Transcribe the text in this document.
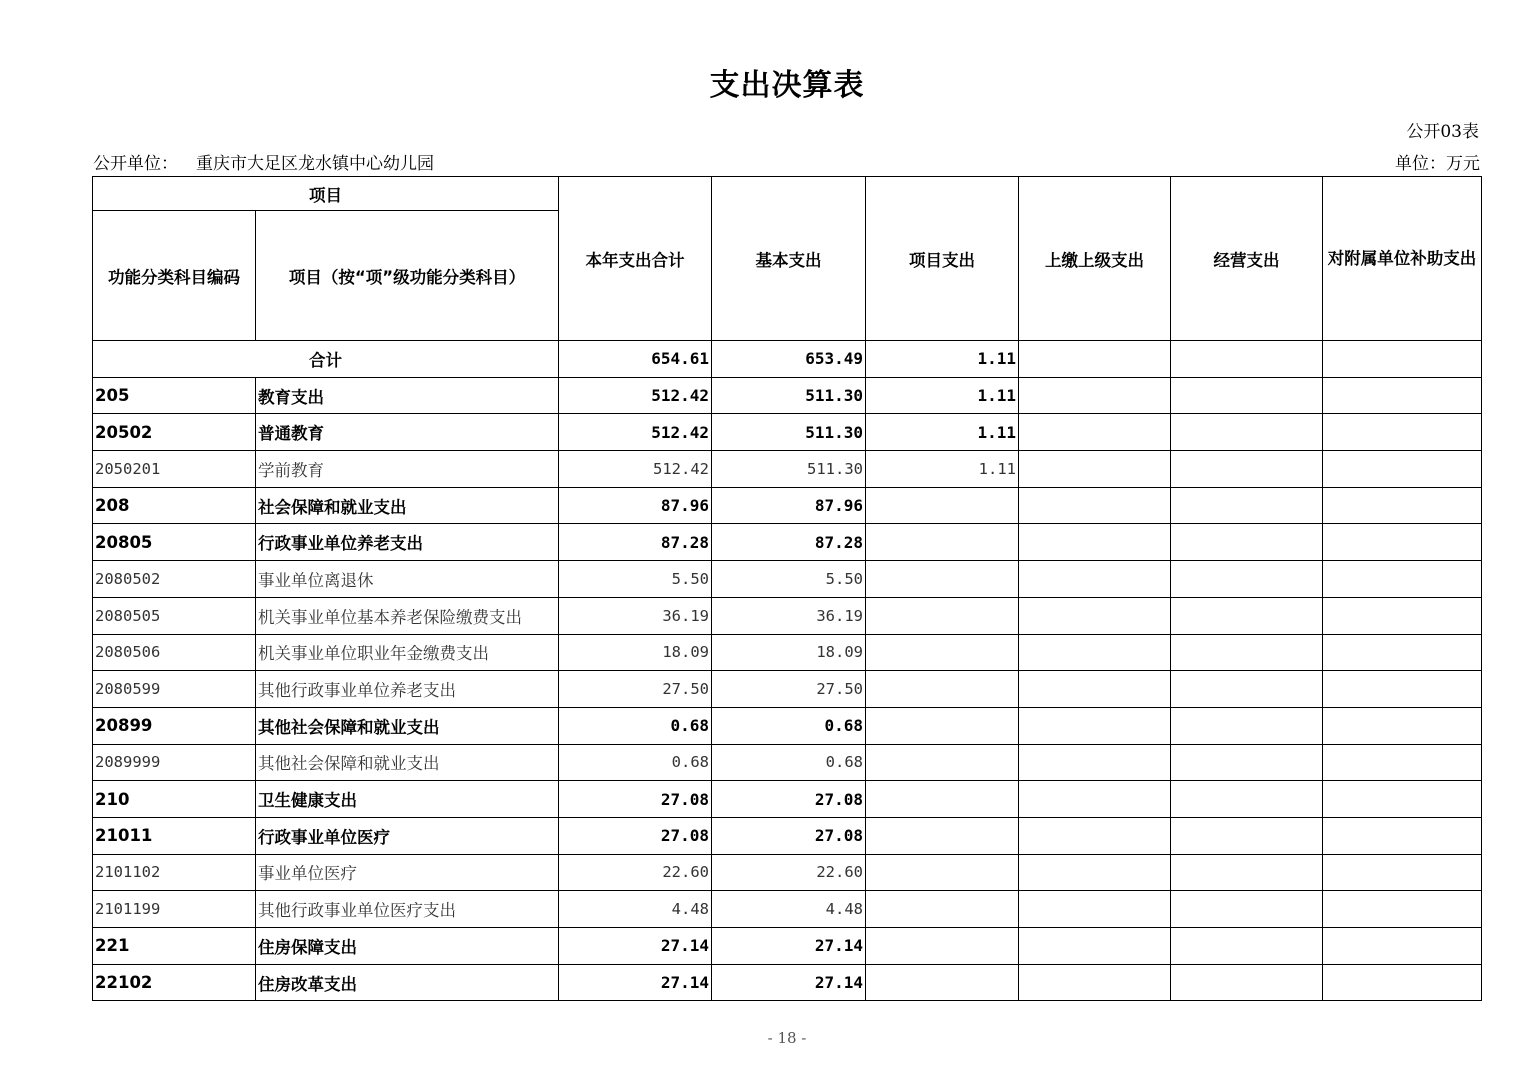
支出决算表
公开03表
公开单位： 重庆市大足区龙水镇中心幼儿园	单位：万元
项目		本年支出合计	基本支出	项目支出	上缴上级支出	经营支出	对附属单位补助支出
功能分类科目编码	项目（按“项”级功能分类科目）						
合计		654.61	653.49	1.11			
205	教育支出	512.42	511.30	1.11			
20502	普通教育	512.42	511.30	1.11			
2050201	学前教育	512.42	511.30	1.11			
208	社会保障和就业支出	87.96	87.96				
20805	行政事业单位养老支出	87.28	87.28				
2080502	事业单位离退休	5.50	5.50				
2080505	机关事业单位基本养老保险缴费支出	36.19	36.19				
2080506	机关事业单位职业年金缴费支出	18.09	18.09				
2080599	其他行政事业单位养老支出	27.50	27.50				
20899	其他社会保障和就业支出	0.68	0.68				
2089999	其他社会保障和就业支出	0.68	0.68				
210	卫生健康支出	27.08	27.08				
21011	行政事业单位医疗	27.08	27.08				
2101102	事业单位医疗	22.60	22.60				
2101199	其他行政事业单位医疗支出	4.48	4.48				
221	住房保障支出	27.14	27.14				
22102	住房改革支出	27.14	27.14				
- 18 -
